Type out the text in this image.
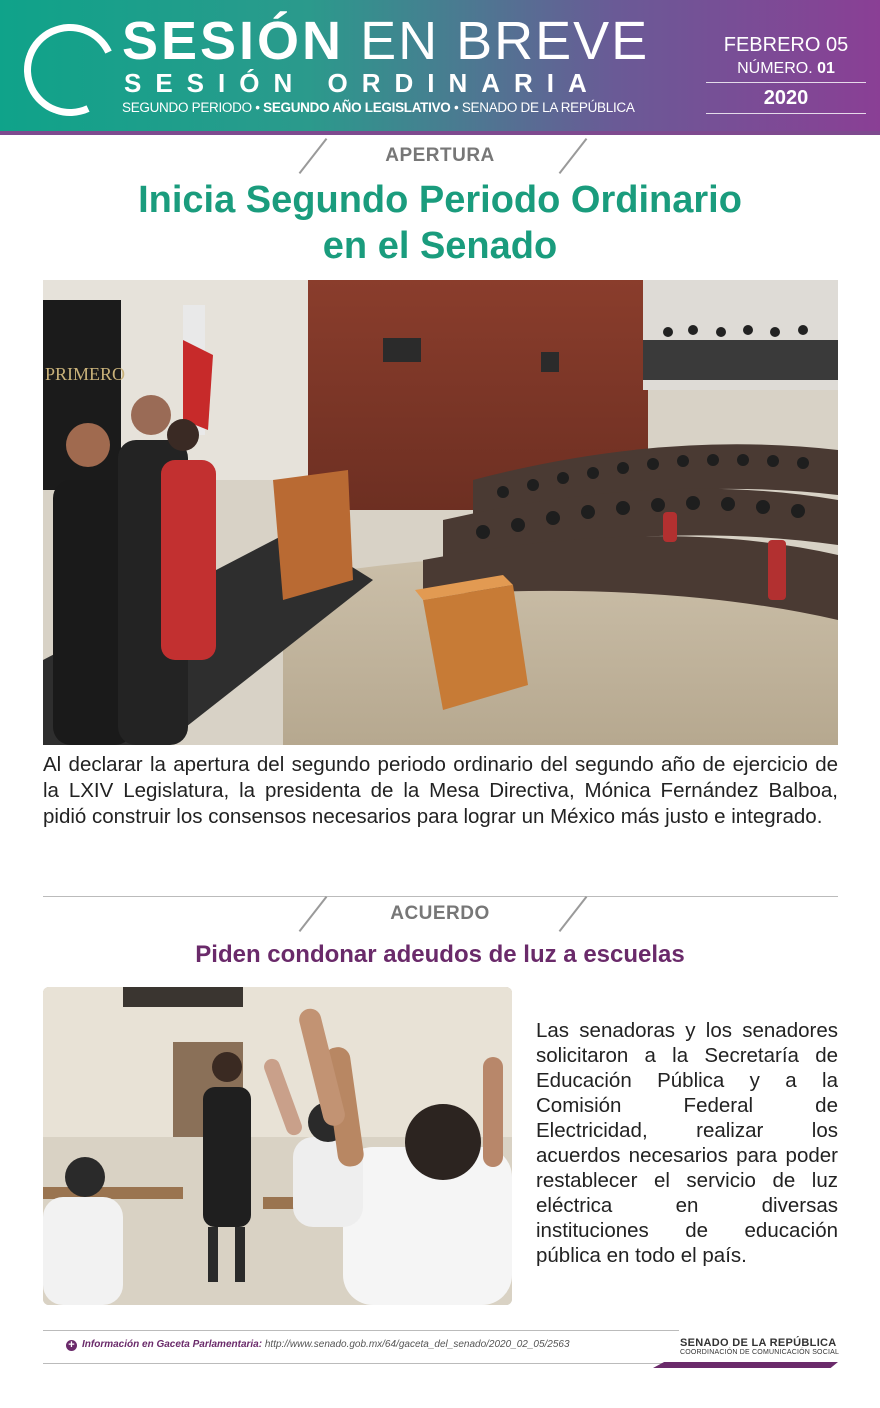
SESIÓN EN BREVE
SESIÓN ORDINARIA
SEGUNDO PERIODO • SEGUNDO AÑO LEGISLATIVO • SENADO DE LA REPÚBLICA
FEBRERO 05
NÚMERO. 01
2020
APERTURA
Inicia Segundo Periodo Ordinario
en el Senado
PRIMERO
Al declarar la apertura del segundo periodo ordinario del segundo año de ejercicio de la LXIV Legislatura, la presidenta de la Mesa Directiva, Mónica Fernández Balboa, pidió construir los consensos necesarios para lograr un México más justo e integrado.
ACUERDO
Piden condonar adeudos de luz a escuelas
Las senadoras y los senadores solicitaron a la Secretaría de Educación Pública y a la Comisión Federal de Electricidad, realizar los acuerdos necesarios para poder restablecer el servicio de luz eléctrica en diversas instituciones de educación pública en todo el país.
+ Información en Gaceta Parlamentaria: http://www.senado.gob.mx/64/gaceta_del_senado/2020_02_05/2563	SENADO DE LA REPÚBLICA
COORDINACIÓN DE COMUNICACIÓN SOCIAL
